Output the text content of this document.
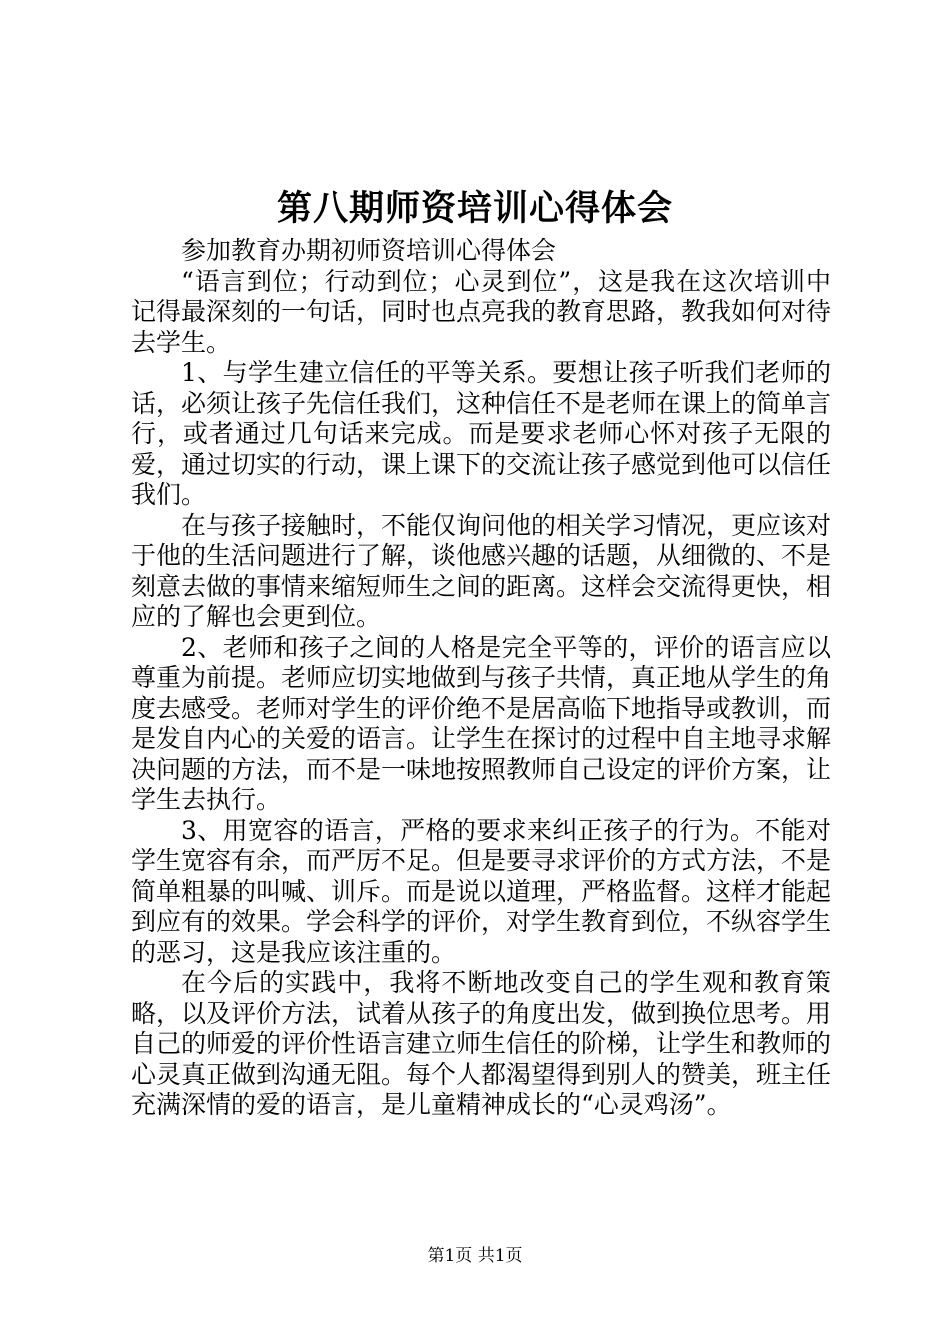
第八期师资培训心得体会

参加教育办期初师资培训心得体会

“语言到位；行动到位；心灵到位”，这是我在这次培训中记得最深刻的一句话，同时也点亮我的教育思路，教我如何对待去学生。

1、与学生建立信任的平等关系。要想让孩子听我们老师的话，必须让孩子先信任我们，这种信任不是老师在课上的简单言行，或者通过几句话来完成。而是要求老师心怀对孩子无限的爱，通过切实的行动，课上课下的交流让孩子感觉到他可以信任我们。

在与孩子接触时，不能仅询问他的相关学习情况，更应该对于他的生活问题进行了解，谈他感兴趣的话题，从细微的、不是刻意去做的事情来缩短师生之间的距离。这样会交流得更快，相应的了解也会更到位。

2、老师和孩子之间的人格是完全平等的，评价的语言应以尊重为前提。老师应切实地做到与孩子共情，真正地从学生的角度去感受。老师对学生的评价绝不是居高临下地指导或教训，而是发自内心的关爱的语言。让学生在探讨的过程中自主地寻求解决问题的方法，而不是一味地按照教师自己设定的评价方案，让学生去执行。

3、用宽容的语言，严格的要求来纠正孩子的行为。不能对学生宽容有余，而严厉不足。但是要寻求评价的方式方法，不是简单粗暴的叫喊、训斥。而是说以道理，严格监督。这样才能起到应有的效果。学会科学的评价，对学生教育到位，不纵容学生的恶习，这是我应该注重的。

在今后的实践中，我将不断地改变自己的学生观和教育策略，以及评价方法，试着从孩子的角度出发，做到换位思考。用自己的师爱的评价性语言建立师生信任的阶梯，让学生和教师的心灵真正做到沟通无阻。每个人都渴望得到别人的赞美，班主任充满深情的爱的语言，是儿童精神成长的“心灵鸡汤”。

第1页 共1页
